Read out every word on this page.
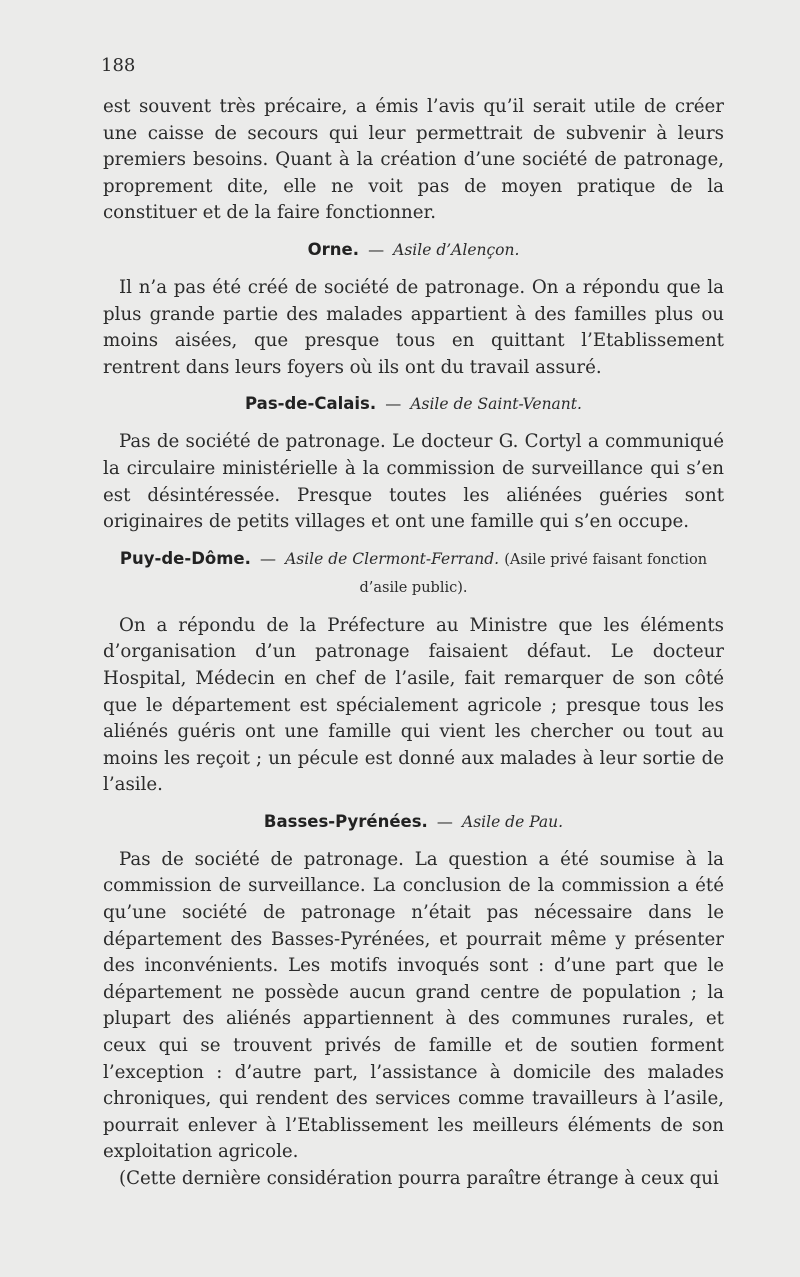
188

est souvent très précaire, a émis l’avis qu’il serait utile de créer une caisse de secours qui leur permettrait de subvenir à leurs premiers besoins. Quant à la création d’une société de patronage, proprement dite, elle ne voit pas de moyen pratique de la constituer et de la faire fonctionner.

Orne. — Asile d’Alençon.

Il n’a pas été créé de société de patronage. On a répondu que la plus grande partie des malades appartient à des familles plus ou moins aisées, que presque tous en quittant l’Etablissement rentrent dans leurs foyers où ils ont du travail assuré.

Pas-de-Calais. — Asile de Saint-Venant.

Pas de société de patronage. Le docteur G. Cortyl a communiqué la circulaire ministérielle à la commission de surveillance qui s’en est désintéressée. Presque toutes les aliénées guéries sont originaires de petits villages et ont une famille qui s’en occupe.

Puy-de-Dôme. — Asile de Clermont-Ferrand. (Asile privé faisant fonction
d’asile public).

On a répondu de la Préfecture au Ministre que les éléments d’organisation d’un patronage faisaient défaut. Le docteur Hospital, Médecin en chef de l’asile, fait remarquer de son côté que le département est spécialement agricole ; presque tous les aliénés guéris ont une famille qui vient les chercher ou tout au moins les reçoit ; un pécule est donné aux malades à leur sortie de l’asile.

Basses-Pyrénées. — Asile de Pau.

Pas de société de patronage. La question a été soumise à la commission de surveillance. La conclusion de la commission a été qu’une société de patronage n’était pas nécessaire dans le département des Basses-Pyrénées, et pourrait même y présenter des inconvénients. Les motifs invoqués sont : d’une part que le département ne possède aucun grand centre de population ; la plupart des aliénés appartiennent à des communes rurales, et ceux qui se trouvent privés de famille et de soutien forment l’exception : d’autre part, l’assistance à domicile des malades chroniques, qui rendent des services comme travailleurs à l’asile, pourrait enlever à l’Etablissement les meilleurs éléments de son exploitation agricole.

(Cette dernière considération pourra paraître étrange à ceux qui
